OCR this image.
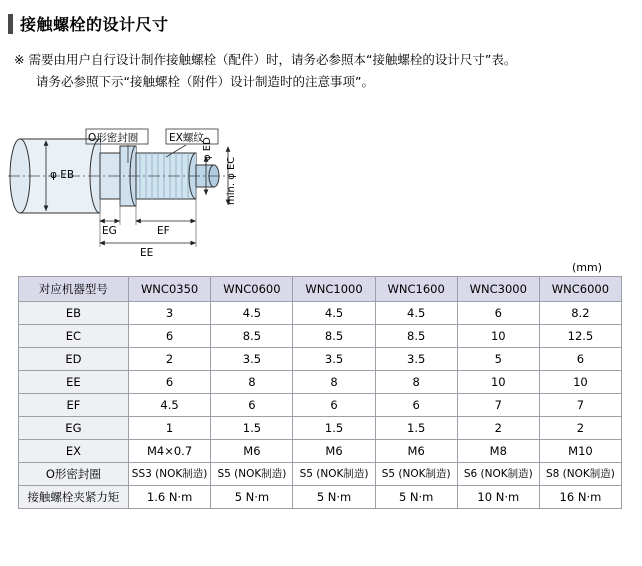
接触螺栓的设计尺寸
※ 需要由用户自行设计制作接触螺栓（配件）时，请务必参照本“接触螺栓的设计尺寸”表。
请务必参照下示“接触螺栓（附件）设计制造时的注意事项”。
O形密封圈	EX螺纹
φ EB
φ ED
min. φ EC
EG	EF
EE
(mm)
对应机器型号	WNC0350	WNC0600	WNC1000	WNC1600	WNC3000	WNC6000
EB	3	4.5	4.5	4.5	6	8.2
EC	6	8.5	8.5	8.5	10	12.5
ED	2	3.5	3.5	3.5	5	6
EE	6	8	8	8	10	10
EF	4.5	6	6	6	7	7
EG	1	1.5	1.5	1.5	2	2
EX	M4×0.7	M6	M6	M6	M8	M10
O形密封圈	SS3 (NOK制造)	S5 (NOK制造)	S5 (NOK制造)	S5 (NOK制造)	S6 (NOK制造)	S8 (NOK制造)
接触螺栓夹紧力矩	1.6 N·m	5 N·m	5 N·m	5 N·m	10 N·m	16 N·m
